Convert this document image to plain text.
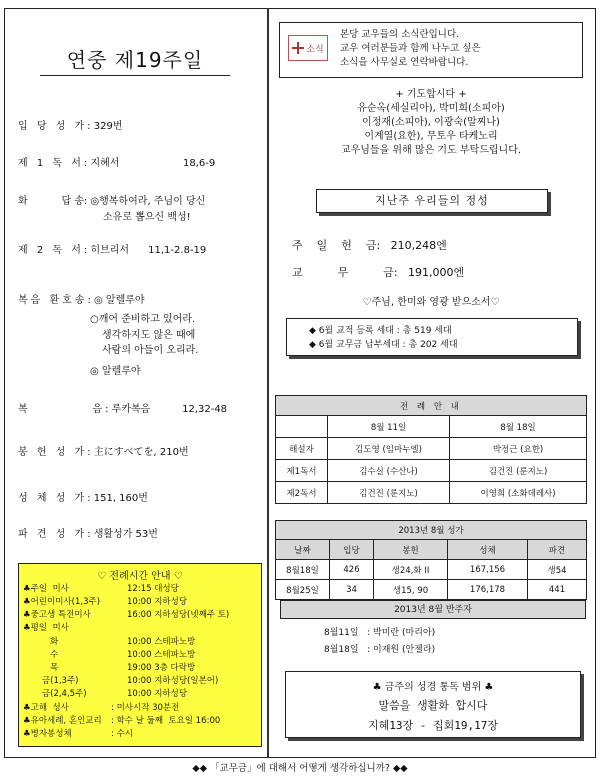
연중 제19주일
입 당 성 가: 329번
제 1 독 서: 지혜서                    18,6-9
화     답송: ◎행복하여라, 주님이 당신
소유로 뽑으신 백성!
제 2 독 서: 히브리서      11,1-2.8-19
복음 환호송: ◎ 알렐루야
○깨어 준비하고 있어라.
생각하지도 않은 때에
사람의 아들이 오리라.
◎ 알렐루야
복          음: 루카복음          12,32-48
봉 헌 성 가: 主にすべてを, 210번
성 체 성 가: 151, 160번
파 견 성 가: 생활성가 53번
♡ 전례시간 안내 ♡
♣주일  미사	12:15 대성당
♣어린이미사(1,3주)	10:00 지하성당
♣중고생 특전미사	16:00 지하성당(넷째주 토)
♣평일  미사
화	10:00 스테파노방
수	10:00 스테파노방
목	19:00 3층 다락방
금(1,3주)	10:00 지하성당(일본어)
금(2,4,5주)	10:00 지하성당
♣고해  성사	: 미사시작 30분전
♣유아세례, 혼인교리 : 학수 날 둘째  토요일 16:00
♣병자봉성체	: 수시
소식
본당 교우들의 소식란입니다.
교우 여러분들과 함께 나누고 싶은
소식을 사무실로 연락바랍니다.
+ 기도합시다 +
유순옥(세실리아), 박미희(소피아)
이정재(소피아), 이광숙(말찌나)
이계열(요한), 무토우 타케노리
교우님들을 위해 많은 기도 부탁드립니다.
지난주 우리들의 정성
주    일    헌    금:   210,248엔
교          무          금:   191,000엔
♡주님, 한미와 영광 받으소서♡
◆ 6월 교적 등록 세대 : 총 519 세대
◆ 6월 교무금 납부세대 : 총 202 세대
전 례 안 내		
	8월 11일	8월 18일
해설자	김도영 (임마누엘)	박정근 (요한)
제1독서	김수실 (수산나)	김건진 (룬지노)
제2독서	김건진 (룬지노)	이영희 (소화데레사)
2013년 8월 성가				
날짜	입당	봉헌	성체	파견
8월18일	426	생24,화 II	167,156	생54
8월25일	34	생15, 90	176,178	441
2013년 8월 반주자
8월11일   : 박미란 (마리아)
8월18일   : 이재원 (안젤라)
♣ 금주의 성경 통독 범위 ♣
말씀을 생활화 합시다
지혜13장 - 집회19,17장
◆◆ 「교무금」에 대해서 어떻게 생각하십니까? ◆◆
